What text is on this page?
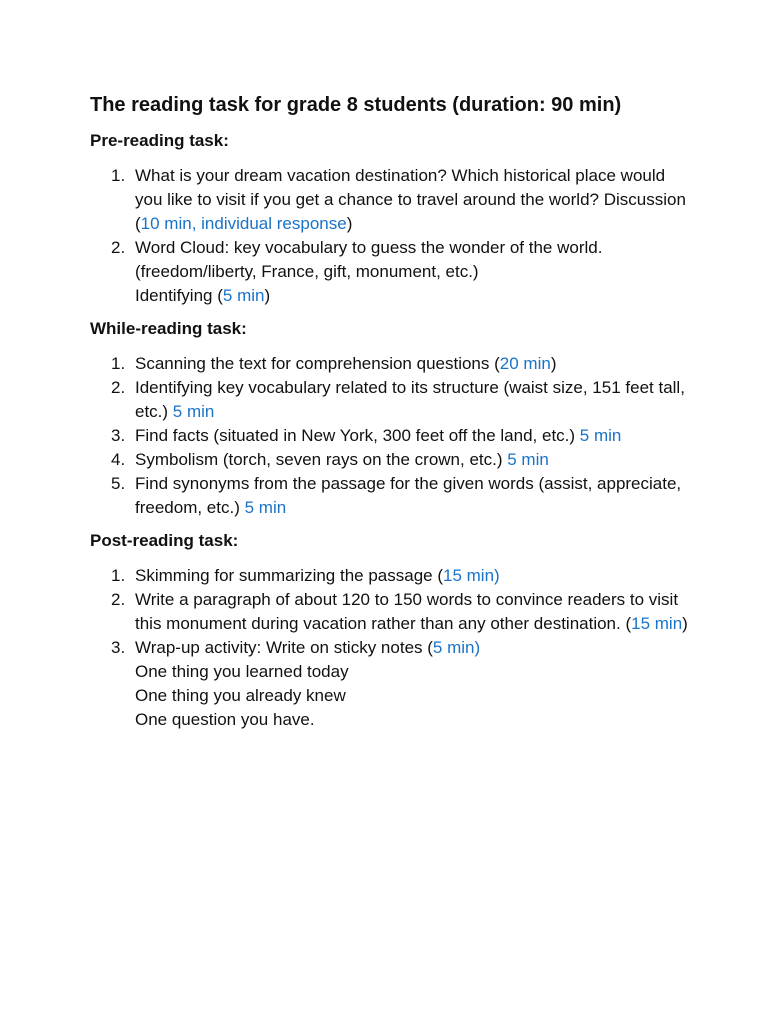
The reading task for grade 8 students (duration: 90 min)
Pre-reading task:
1. What is your dream vacation destination? Which historical place would you like to visit if you get a chance to travel around the world? Discussion (10 min, individual response)
2. Word Cloud: key vocabulary to guess the wonder of the world.
(freedom/liberty, France, gift, monument, etc.)
Identifying (5 min)
While-reading task:
1. Scanning the text for comprehension questions (20 min)
2. Identifying key vocabulary related to its structure (waist size, 151 feet tall, etc.) 5 min
3. Find facts (situated in New York, 300 feet off the land, etc.) 5 min
4. Symbolism (torch, seven rays on the crown, etc.) 5 min
5. Find synonyms from the passage for the given words (assist, appreciate, freedom, etc.) 5 min
Post-reading task:
1. Skimming for summarizing the passage (15 min)
2. Write a paragraph of about 120 to 150 words to convince readers to visit this monument during vacation rather than any other destination. (15 min)
3. Wrap-up activity: Write on sticky notes (5 min)
One thing you learned today
One thing you already knew
One question you have.
